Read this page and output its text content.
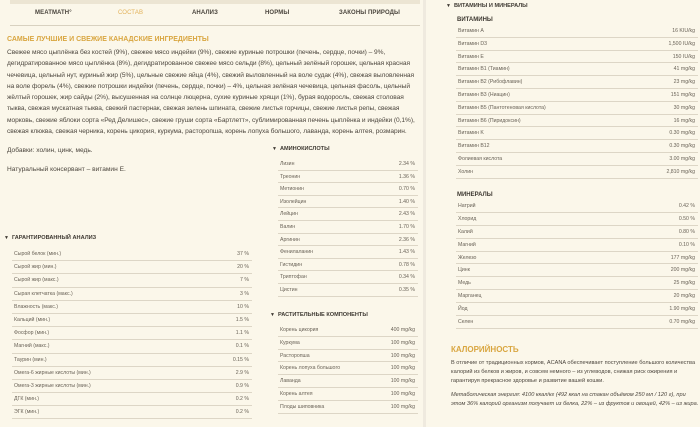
MEATMATH°	СОСТАВ	АНАЛИЗ	НОРМЫ	ЗАКОНЫ ПРИРОДЫ
САМЫЕ ЛУЧШИЕ И СВЕЖИЕ КАНАДСКИЕ ИНГРЕДИЕНТЫ
Свежее мясо цыплёнка без костей (9%), свежее мясо индейки (9%), свежие куриные потрошки (печень, сердце, почки) – 9%, дегидратированное мясо цыплёнка (8%), дегидратированное свежее мясо сельди (8%), цельный зелёный горошек, цельная красная чечевица, цельный нут, куриный жир (5%), цельные свежие яйца (4%), свежий выловленный на воле судак (4%), свежая выловленная на воле форель (4%), свежие потрошки индейки (печень, сердце, почки) – 4%, цельная зелёная чечевица, цельная фасоль, цельный жёлтый горошек, жир сайды (2%), высушенная на солнце люцерна, сухие куриные хрящи (1%), бурая водоросль, свежая столовая тыква, свежая мускатная тыква, свежий пастернак, свежая зелень шпината, свежие листья горчицы, свежие листья репы, свежая морковь, свежие яблоки сорта «Ред Делишес», свежие груши сорта «Бартлетт», сублимированная печень цыплёнка и индейки (0,1%), свежая клюква, свежая черника, корень цикория, куркума, расторопша, корень лопуха большого, лаванда, корень алтея, розмарин.
Добавки: холин, цинк, медь.
Натуральный консервант – витамин E.
▼ АМИНОКИСЛОТЫ
Лизин	2.34 %
Треонин	1.36 %
Метионин	0.70 %
Изолейцин	1.40 %
Лейцин	2.43 %
Валин	1.70 %
Аргинин	2.36 %
Фенилаланин	1.43 %
Гистидин	0.78 %
Триптофан	0.34 %
Цистин	0.35 %
▼ РАСТИТЕЛЬНЫЕ КОМПОНЕНТЫ
Корень цикория	400 mg/kg
Куркума	100 mg/kg
Расторопша	100 mg/kg
Корень лопуха большого	100 mg/kg
Лаванда	100 mg/kg
Корень алтея	100 mg/kg
Плоды шиповника	100 mg/kg
▼ ГАРАНТИРОВАННЫЙ АНАЛИЗ
Сырой белок (мин.)	37 %
Сырой жир (мин.)	20 %
Сырой жир (макс.)	7 %
Сырая клетчатка (макс.)	3 %
Влажность (макс.)	10 %
Кальций (мин.)	1.5 %
Фосфор (мин.)	1.1 %
Магний (макс.)	0.1 %
Таурин (мин.)	0.15 %
Омега-6 жирные кислоты (мин.)	2.9 %
Омега-3 жирные кислоты (мин.)	0.9 %
ДГК (мин.)	0.2 %
ЭГК (мин.)	0.2 %
▼ ВИТАМИНЫ И МИНЕРАЛЫ
ВИТАМИНЫ
Витамин A	16 KIU/kg
Витамин D3	1,500 IU/kg
Витамин E	150 IU/kg
Витамин B1 (Тиамин)	41 mg/kg
Витамин B2 (Рибофлавин)	23 mg/kg
Витамин B3 (Ниацин)	151 mg/kg
Витамин B5 (Пантотеновая кислота)	30 mg/kg
Витамин B6 (Пиридоксин)	16 mg/kg
Витамин K	0.30 mg/kg
Витамин B12	0.30 mg/kg
Фолиевая кислота	3.00 mg/kg
Холин	2,810 mg/kg
МИНЕРАЛЫ
Натрий	0.42 %
Хлорид	0.50 %
Калий	0.80 %
Магний	0.10 %
Железо	177 mg/kg
Цинк	200 mg/kg
Медь	25 mg/kg
Марганец	20 mg/kg
Йод	1.90 mg/kg
Селен	0.70 mg/kg
КАЛОРИЙНОСТЬ
В отличие от традиционных кормов, ACANA обеспечивает поступление большого количества калорий из белков и жиров, и совсем немного – из углеводов, снижая риск ожирения и гарантируя прекрасное здоровье и развитие вашей кошки.
Метаболическая энергия: 4100 ккал/кг (492 ккал на стакан объёмом 250 мл / 120 г), при этом 36% калорий организм получает из белка, 22% – из фруктов и овощей, 42% – из жира.
